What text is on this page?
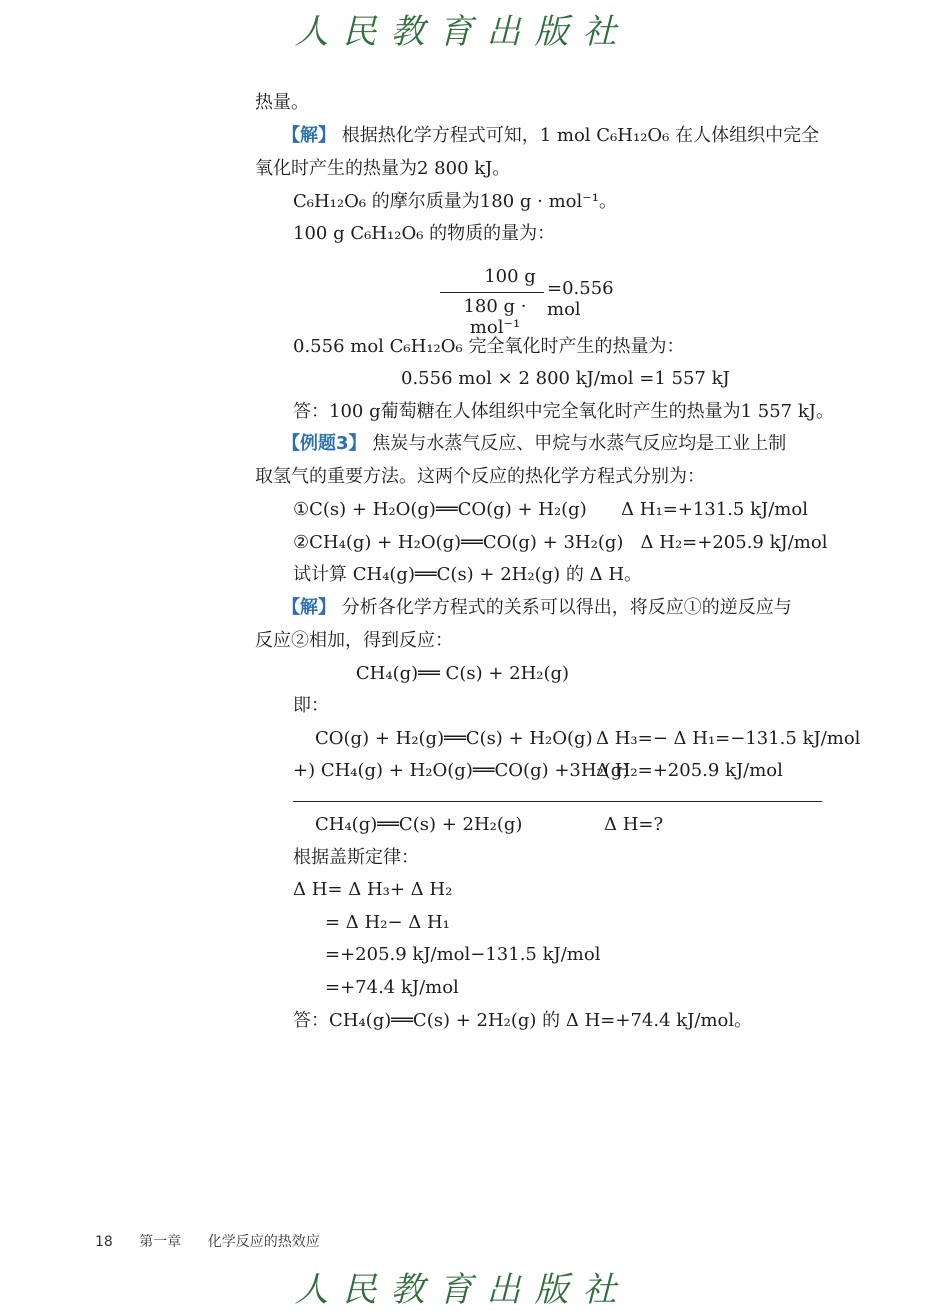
人民教育出版社
热量。
【解】 根据热化学方程式可知，1 mol C₆H₁₂O₆ 在人体组织中完全
氧化时产生的热量为2 800 kJ。
C₆H₁₂O₆ 的摩尔质量为180 g · mol⁻¹。
100 g C₆H₁₂O₆ 的物质的量为：
100 g
180 g · mol⁻¹
=0.556 mol
0.556 mol C₆H₁₂O₆ 完全氧化时产生的热量为：
0.556 mol × 2 800 kJ/mol =1 557 kJ
答：100 g葡萄糖在人体组织中完全氧化时产生的热量为1 557 kJ。
【例题3】 焦炭与水蒸气反应、甲烷与水蒸气反应均是工业上制
取氢气的重要方法。这两个反应的热化学方程式分别为：
①C(s) + H₂O(g)══CO(g) + H₂(g)      Δ H₁=+131.5 kJ/mol
②CH₄(g) + H₂O(g)══CO(g) + 3H₂(g)   Δ H₂=+205.9 kJ/mol
试计算 CH₄(g)══C(s) + 2H₂(g) 的 Δ H。
【解】 分析各化学方程式的关系可以得出，将反应①的逆反应与
反应②相加，得到反应：
CH₄(g)══ C(s) + 2H₂(g)
即：
CO(g) + H₂(g)══C(s) + H₂O(g) Δ H₃=− Δ H₁=−131.5 kJ/mol
+) CH₄(g) + H₂O(g)══CO(g) +3H₂(g)
Δ H₂=+205.9 kJ/mol
CH₄(g)══C(s) + 2H₂(g)	Δ H=?
根据盖斯定律：
Δ H= Δ H₃+ Δ H₂
= Δ H₂− Δ H₁
=+205.9 kJ/mol−131.5 kJ/mol
=+74.4 kJ/mol
答：CH₄(g)══C(s) + 2H₂(g) 的 Δ H=+74.4 kJ/mol。
18 第一章 化学反应的热效应
人民教育出版社
